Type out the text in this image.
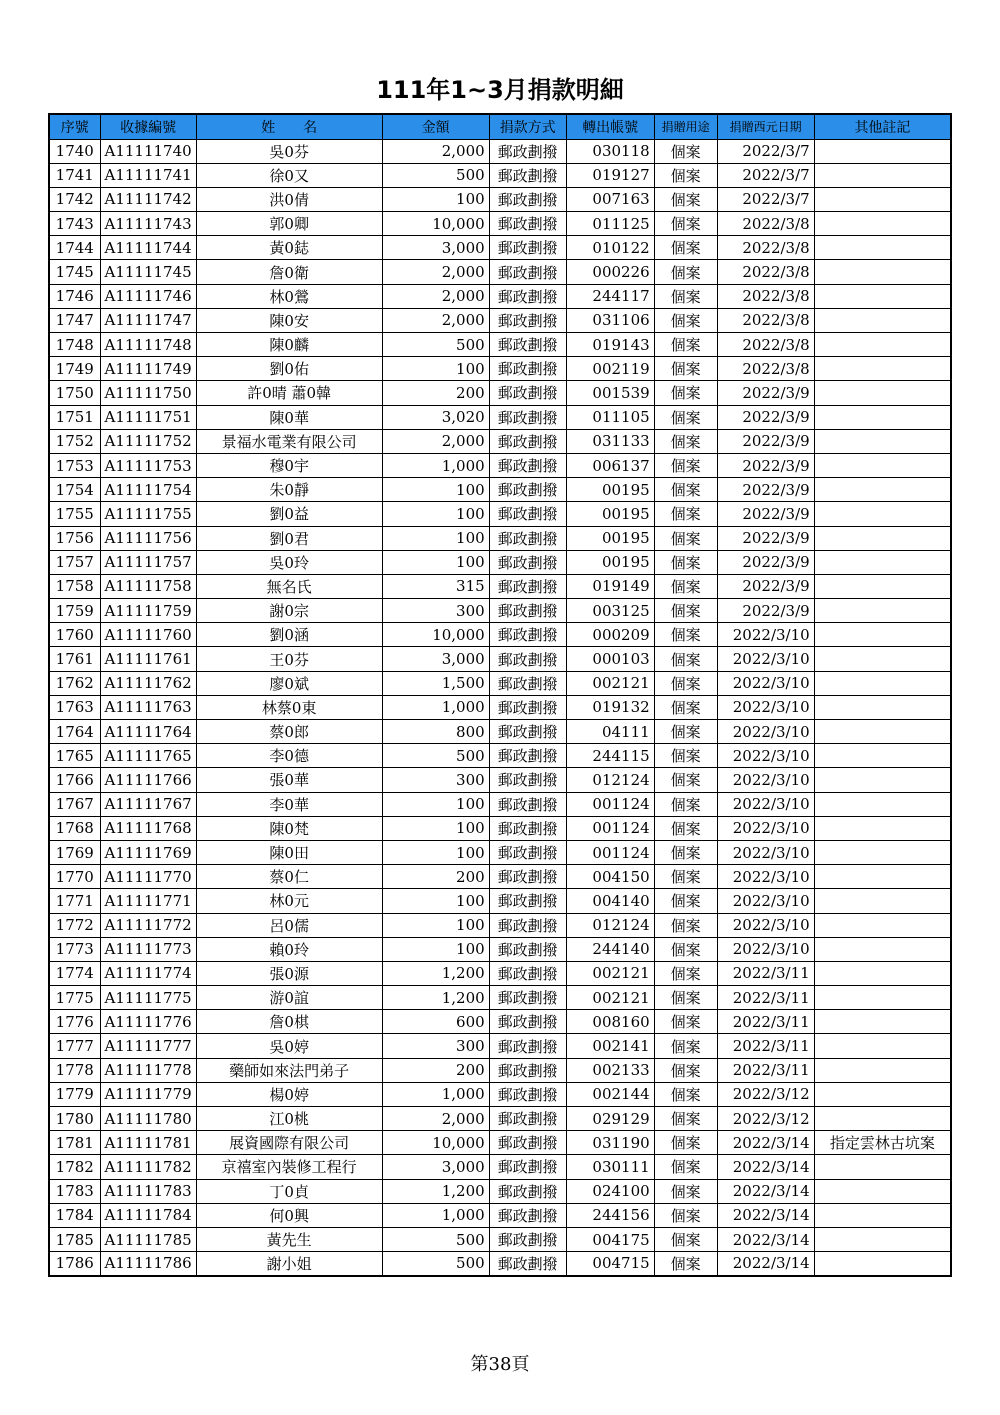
111年1~3月捐款明細
序號	收據編號	姓　　名	金額	捐款方式	轉出帳號	捐贈用途	捐贈西元日期	其他註記
1740	A11111740	吳0芬	2,000	郵政劃撥	030118	個案	2022/3/7	
1741	A11111741	徐0又	500	郵政劃撥	019127	個案	2022/3/7	
1742	A11111742	洪0倩	100	郵政劃撥	007163	個案	2022/3/7	
1743	A11111743	郭0卿	10,000	郵政劃撥	011125	個案	2022/3/8	
1744	A11111744	黃0鋕	3,000	郵政劃撥	010122	個案	2022/3/8	
1745	A11111745	詹0衛	2,000	郵政劃撥	000226	個案	2022/3/8	
1746	A11111746	林0鶯	2,000	郵政劃撥	244117	個案	2022/3/8	
1747	A11111747	陳0安	2,000	郵政劃撥	031106	個案	2022/3/8	
1748	A11111748	陳0麟	500	郵政劃撥	019143	個案	2022/3/8	
1749	A11111749	劉0佑	100	郵政劃撥	002119	個案	2022/3/8	
1750	A11111750	許0晴 蕭0韓	200	郵政劃撥	001539	個案	2022/3/9	
1751	A11111751	陳0華	3,020	郵政劃撥	011105	個案	2022/3/9	
1752	A11111752	景福水電業有限公司	2,000	郵政劃撥	031133	個案	2022/3/9	
1753	A11111753	穆0宇	1,000	郵政劃撥	006137	個案	2022/3/9	
1754	A11111754	朱0靜	100	郵政劃撥	00195	個案	2022/3/9	
1755	A11111755	劉0益	100	郵政劃撥	00195	個案	2022/3/9	
1756	A11111756	劉0君	100	郵政劃撥	00195	個案	2022/3/9	
1757	A11111757	吳0玲	100	郵政劃撥	00195	個案	2022/3/9	
1758	A11111758	無名氏	315	郵政劃撥	019149	個案	2022/3/9	
1759	A11111759	謝0宗	300	郵政劃撥	003125	個案	2022/3/9	
1760	A11111760	劉0涵	10,000	郵政劃撥	000209	個案	2022/3/10	
1761	A11111761	王0芬	3,000	郵政劃撥	000103	個案	2022/3/10	
1762	A11111762	廖0斌	1,500	郵政劃撥	002121	個案	2022/3/10	
1763	A11111763	林蔡0東	1,000	郵政劃撥	019132	個案	2022/3/10	
1764	A11111764	蔡0郎	800	郵政劃撥	04111	個案	2022/3/10	
1765	A11111765	李0德	500	郵政劃撥	244115	個案	2022/3/10	
1766	A11111766	張0華	300	郵政劃撥	012124	個案	2022/3/10	
1767	A11111767	李0華	100	郵政劃撥	001124	個案	2022/3/10	
1768	A11111768	陳0梵	100	郵政劃撥	001124	個案	2022/3/10	
1769	A11111769	陳0田	100	郵政劃撥	001124	個案	2022/3/10	
1770	A11111770	蔡0仁	200	郵政劃撥	004150	個案	2022/3/10	
1771	A11111771	林0元	100	郵政劃撥	004140	個案	2022/3/10	
1772	A11111772	呂0儒	100	郵政劃撥	012124	個案	2022/3/10	
1773	A11111773	賴0玲	100	郵政劃撥	244140	個案	2022/3/10	
1774	A11111774	張0源	1,200	郵政劃撥	002121	個案	2022/3/11	
1775	A11111775	游0誼	1,200	郵政劃撥	002121	個案	2022/3/11	
1776	A11111776	詹0棋	600	郵政劃撥	008160	個案	2022/3/11	
1777	A11111777	吳0婷	300	郵政劃撥	002141	個案	2022/3/11	
1778	A11111778	藥師如來法門弟子	200	郵政劃撥	002133	個案	2022/3/11	
1779	A11111779	楊0婷	1,000	郵政劃撥	002144	個案	2022/3/12	
1780	A11111780	江0桃	2,000	郵政劃撥	029129	個案	2022/3/12	
1781	A11111781	展資國際有限公司	10,000	郵政劃撥	031190	個案	2022/3/14	指定雲林古坑案
1782	A11111782	京禧室內裝修工程行	3,000	郵政劃撥	030111	個案	2022/3/14	
1783	A11111783	丁0貞	1,200	郵政劃撥	024100	個案	2022/3/14	
1784	A11111784	何0興	1,000	郵政劃撥	244156	個案	2022/3/14	
1785	A11111785	黃先生	500	郵政劃撥	004175	個案	2022/3/14	
1786	A11111786	謝小姐	500	郵政劃撥	004715	個案	2022/3/14	
第38頁
